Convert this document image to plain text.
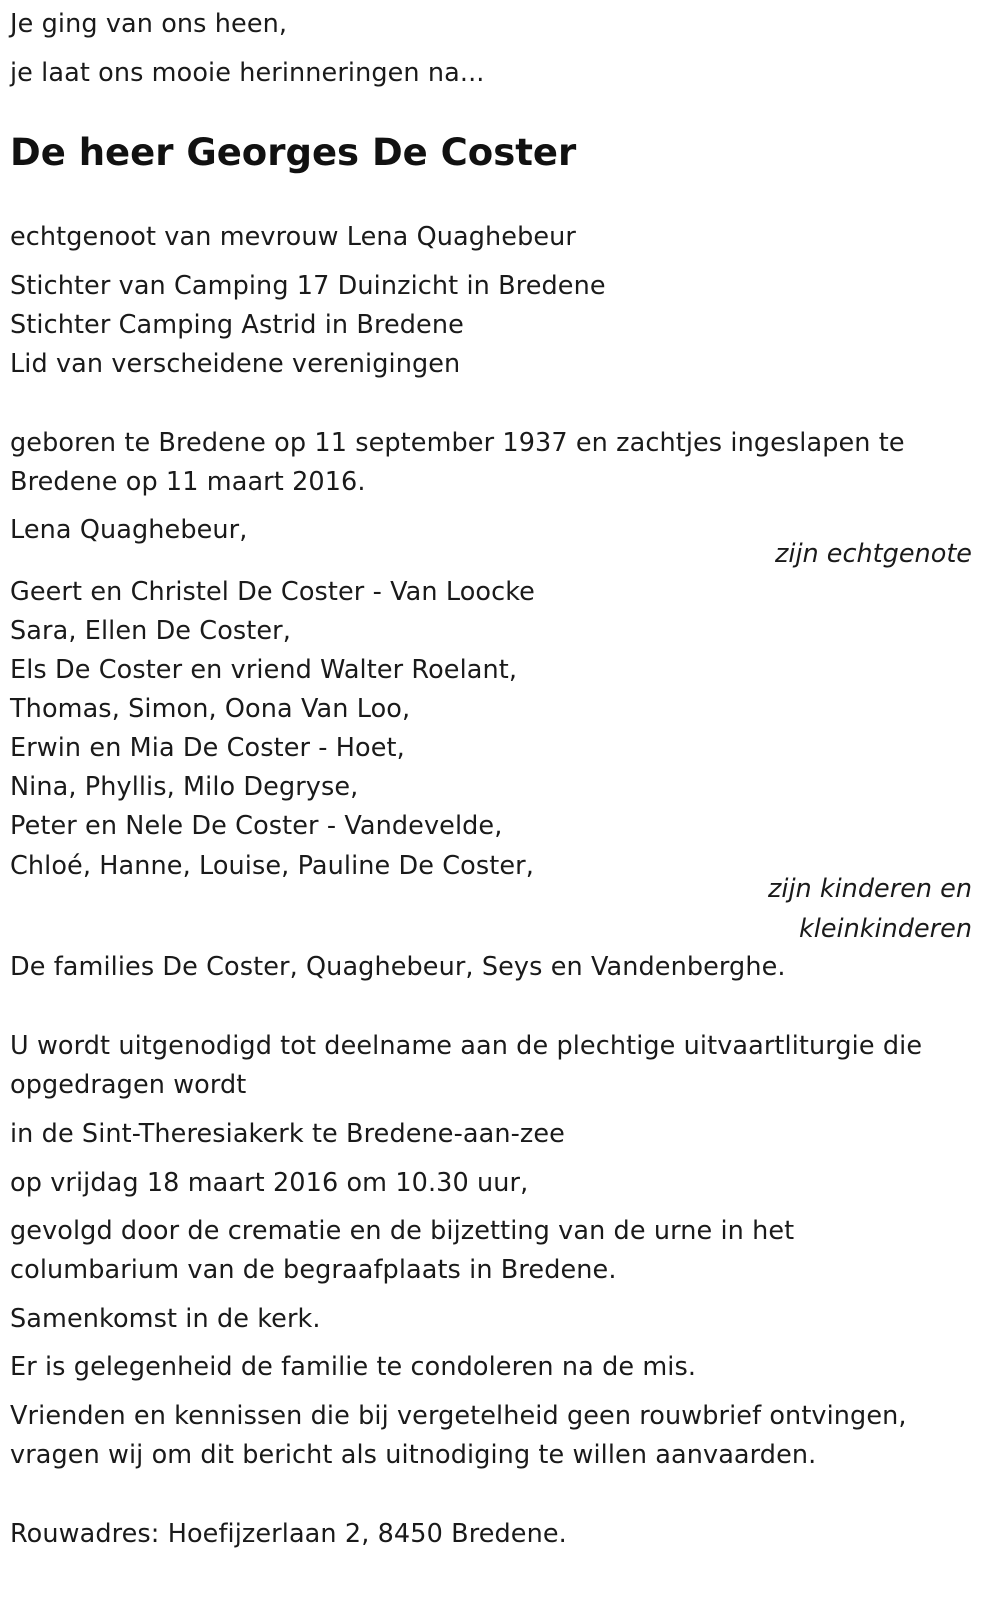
Je ging van ons heen,
je laat ons mooie herinneringen na...
De heer Georges De Coster
echtgenoot van mevrouw Lena Quaghebeur
Stichter van Camping 17 Duinzicht in Bredene
Stichter Camping Astrid in Bredene
Lid van verscheidene verenigingen
geboren te Bredene op 11 september 1937 en zachtjes ingeslapen te
Bredene op 11 maart 2016.
Lena Quaghebeur,
zijn echtgenote
Geert en Christel De Coster - Van Loocke
Sara, Ellen De Coster,
Els De Coster en vriend Walter Roelant,
Thomas, Simon, Oona Van Loo,
Erwin en Mia De Coster - Hoet,
Nina, Phyllis, Milo Degryse,
Peter en Nele De Coster - Vandevelde,
Chloé, Hanne, Louise, Pauline De Coster,
zijn kinderen en
kleinkinderen
De families De Coster, Quaghebeur, Seys en Vandenberghe.
U wordt uitgenodigd tot deelname aan de plechtige uitvaartliturgie die
opgedragen wordt
in de Sint-Theresiakerk te Bredene-aan-zee
op vrijdag 18 maart 2016 om 10.30 uur,
gevolgd door de crematie en de bijzetting van de urne in het
columbarium van de begraafplaats in Bredene.
Samenkomst in de kerk.
Er is gelegenheid de familie te condoleren na de mis.
Vrienden en kennissen die bij vergetelheid geen rouwbrief ontvingen,
vragen wij om dit bericht als uitnodiging te willen aanvaarden.
Rouwadres: Hoefijzerlaan 2, 8450 Bredene.
